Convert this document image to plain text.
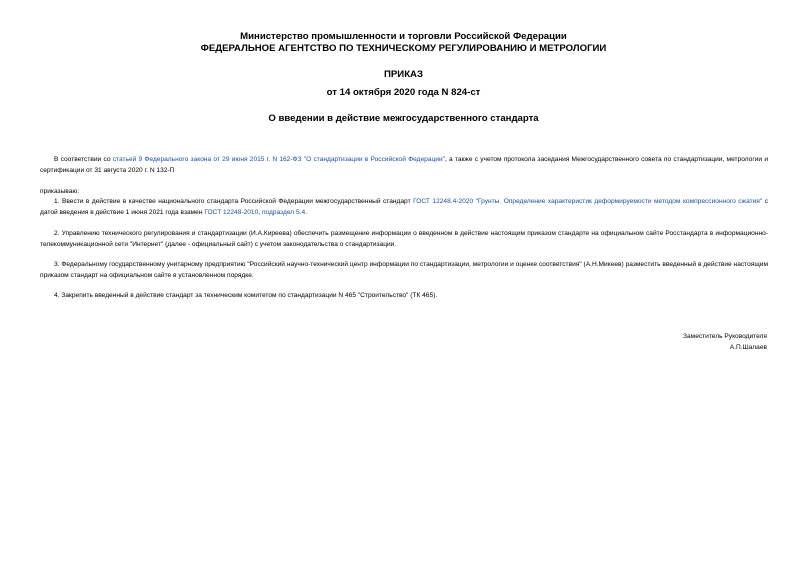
Министерство промышленности и торговли Российской Федерации
ФЕДЕРАЛЬНОЕ АГЕНТСТВО ПО ТЕХНИЧЕСКОМУ РЕГУЛИРОВАНИЮ И МЕТРОЛОГИИ
ПРИКАЗ
от 14 октября 2020 года N 824-ст
О введении в действие межгосударственного стандарта
В соответствии со статьей 9 Федерального закона от 29 июня 2015 г. N 162-ФЗ "О стандартизации в Российской Федерации", а также с учетом протокола заседания Межгосударственного совета по стандартизации, метрологии и сертификации от 31 августа 2020 г. N 132-П
приказываю:
1. Ввести в действие в качестве национального стандарта Российской Федерации межгосударственный стандарт ГОСТ 12248.4-2020 "Грунты. Определение характеристик деформируемости методом компрессионного сжатия" с датой введения в действие 1 июня 2021 года взамен ГОСТ 12248-2010, подраздел 5.4.
2. Управлению технического регулирования и стандартизации (И.А.Киреева) обеспечить размещение информации о введенном в действие настоящим приказом стандарте на официальном сайте Росстандарта в информационно-телекоммуникационной сети "Интернет" (далее - официальный сайт) с учетом законодательства о стандартизации.
3. Федеральному государственному унитарному предприятию "Российский научно-технический центр информации по стандартизации, метрологии и оценке соответствия" (А.Н.Микеев) разместить введенный в действие настоящим приказом стандарт на официальном сайте в установленном порядке.
4. Закрепить введенный в действие стандарт за техническим комитетом по стандартизации N 465 "Строительство" (ТК 465).
Заместитель Руководителя
А.П.Шалаев
